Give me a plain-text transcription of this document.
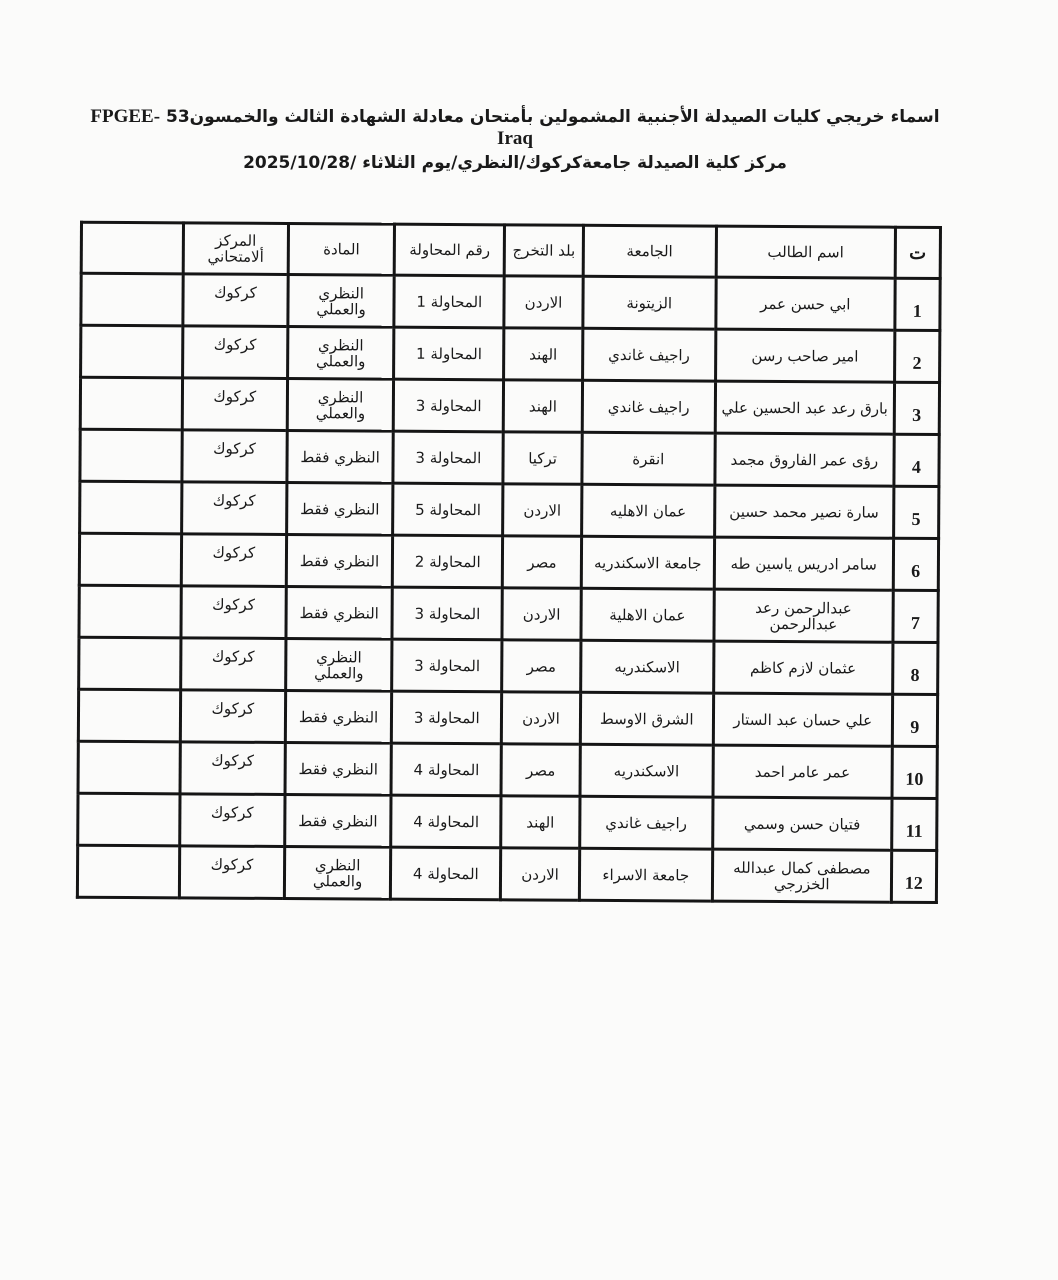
اسماء خريجي كليات الصيدلة الأجنبية المشمولين بأمتحان معادلة الشهادة الثالث والخمسون53 FPGEE-Iraq
مركز كلية الصيدلة جامعةكركوك/النظري/يوم الثلاثاء /2025/10/28
ت	اسم الطالب	الجامعة	بلد التخرج	رقم المحاولة	المادة	المركز ألامتحاني	
1	ابي حسن عمر	الزيتونة	الاردن	المحاولة 1	النظري والعملي	كركوك	
2	امير صاحب رسن	راجيف غاندي	الهند	المحاولة 1	النظري والعملي	كركوك	
3	بارق رعد عبد الحسين علي	راجيف غاندي	الهند	المحاولة 3	النظري والعملي	كركوك	
4	رؤى عمر الفاروق مجمد	انقرة	تركيا	المحاولة 3	النظري فقط	كركوك	
5	سارة نصير محمد حسين	عمان الاهليه	الاردن	المحاولة 5	النظري فقط	كركوك	
6	سامر ادريس ياسين طه	جامعة الاسكندريه	مصر	المحاولة 2	النظري فقط	كركوك	
7	عبدالرحمن رعد عبدالرحمن	عمان الاهلية	الاردن	المحاولة 3	النظري فقط	كركوك	
8	عثمان لازم كاظم	الاسكندريه	مصر	المحاولة 3	النظري والعملي	كركوك	
9	علي حسان عبد الستار	الشرق الاوسط	الاردن	المحاولة 3	النظري فقط	كركوك	
10	عمر عامر احمد	الاسكندريه	مصر	المحاولة 4	النظري فقط	كركوك	
11	فتيان حسن وسمي	راجيف غاندي	الهند	المحاولة 4	النظري فقط	كركوك	
12	مصطفى كمال عبدالله الخزرجي	جامعة الاسراء	الاردن	المحاولة 4	النظري والعملي	كركوك	
